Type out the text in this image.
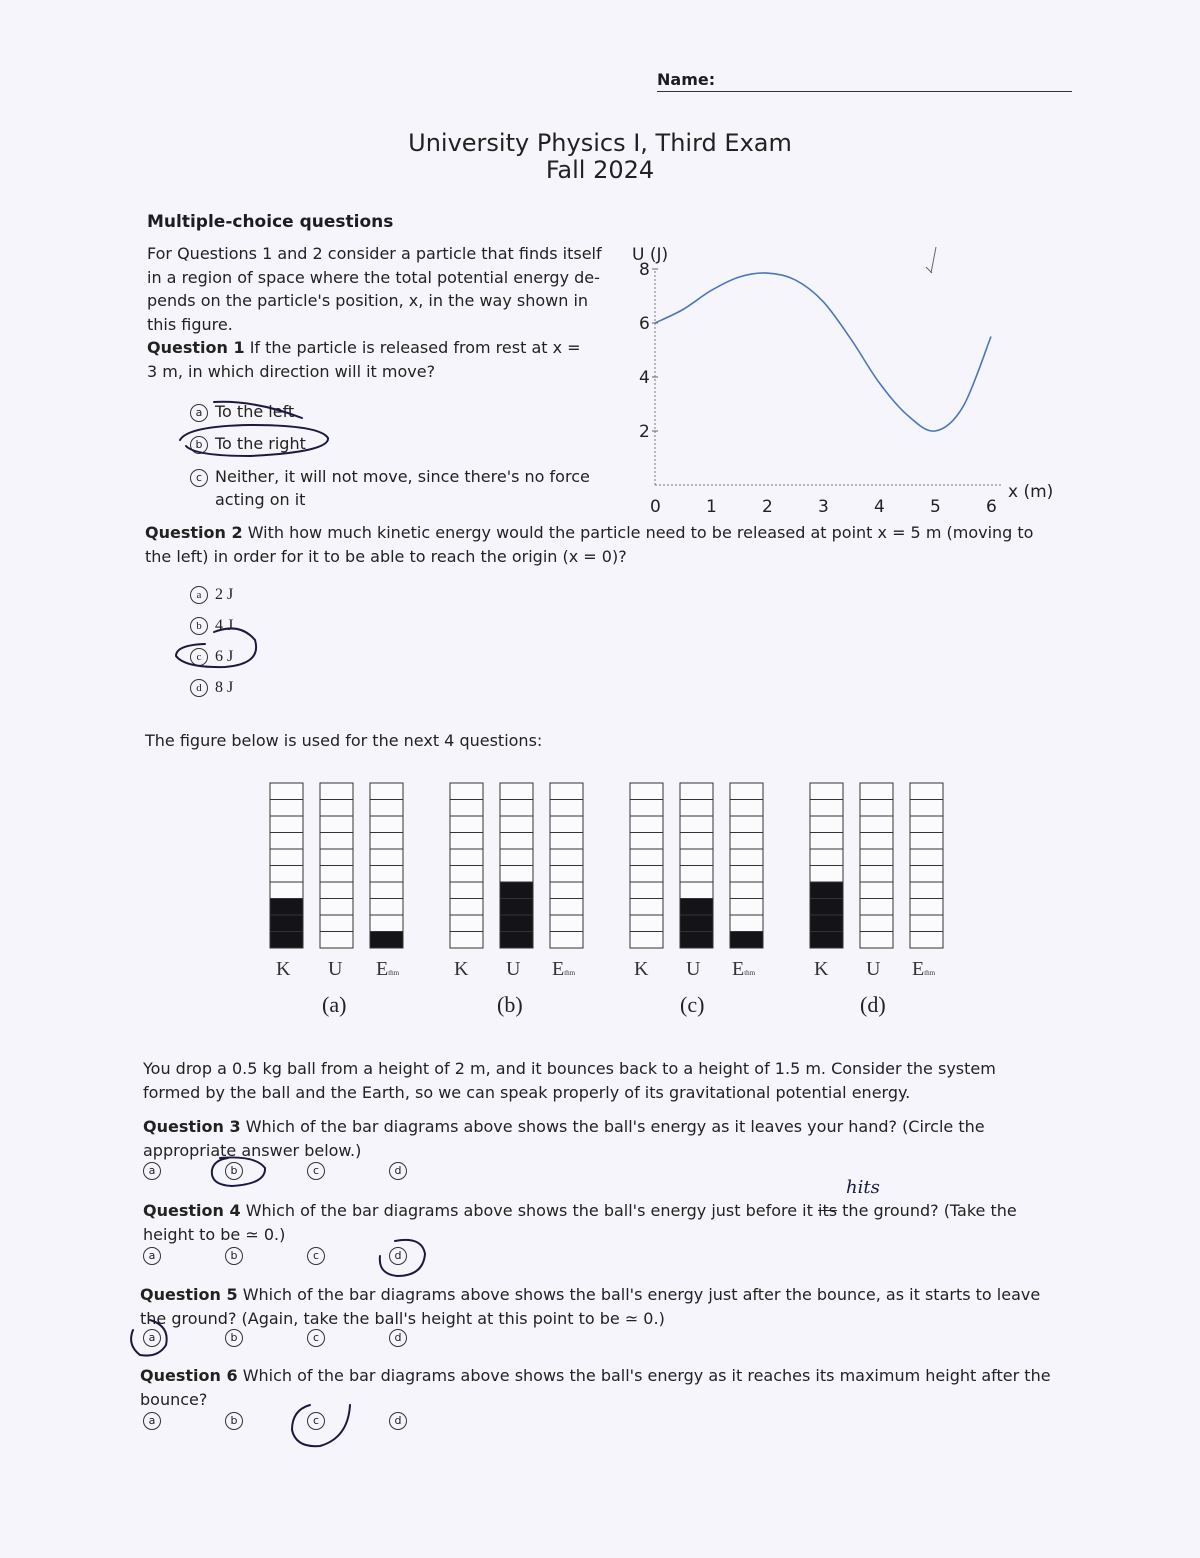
Name:
University Physics I, Third Exam
Fall 2024
Multiple-choice questions
For Questions 1 and 2 consider a particle that finds itself
in a region of space where the total potential energy de-
pends on the particle's position, x, in the way shown in
this figure.
Question 1 If the particle is released from rest at x =
3 m, in which direction will it move?
a To the left
b To the right
c Neither, it will not move, since there's no force
acting on it
U (J)
x (m)
0	1	2	3	4	5	6
2
4
6
8
Question 2 With how much kinetic energy would the particle need to be released at point x = 5 m (moving to
the left) in order for it to be able to reach the origin (x = 0)?
a 2 J
b 4 J
c 6 J
d 8 J
The figure below is used for the next 4 questions:
K U Ethm	K U Ethm	K U Ethm	K U Ethm
(a)	(b)	(c)	(d)
You drop a 0.5 kg ball from a height of 2 m, and it bounces back to a height of 1.5 m. Consider the system
formed by the ball and the Earth, so we can speak properly of its gravitational potential energy.
Question 3 Which of the bar diagrams above shows the ball's energy as it leaves your hand? (Circle the
appropriate answer below.)
a	b	c	d
hits
Question 4 Which of the bar diagrams above shows the ball's energy just before it its the ground? (Take the
height to be ≃ 0.)
a	b	c	d
Question 5 Which of the bar diagrams above shows the ball's energy just after the bounce, as it starts to leave
the ground? (Again, take the ball's height at this point to be ≃ 0.)
a	b	c	d
Question 6 Which of the bar diagrams above shows the ball's energy as it reaches its maximum height after the
bounce?
a	b	c	d
